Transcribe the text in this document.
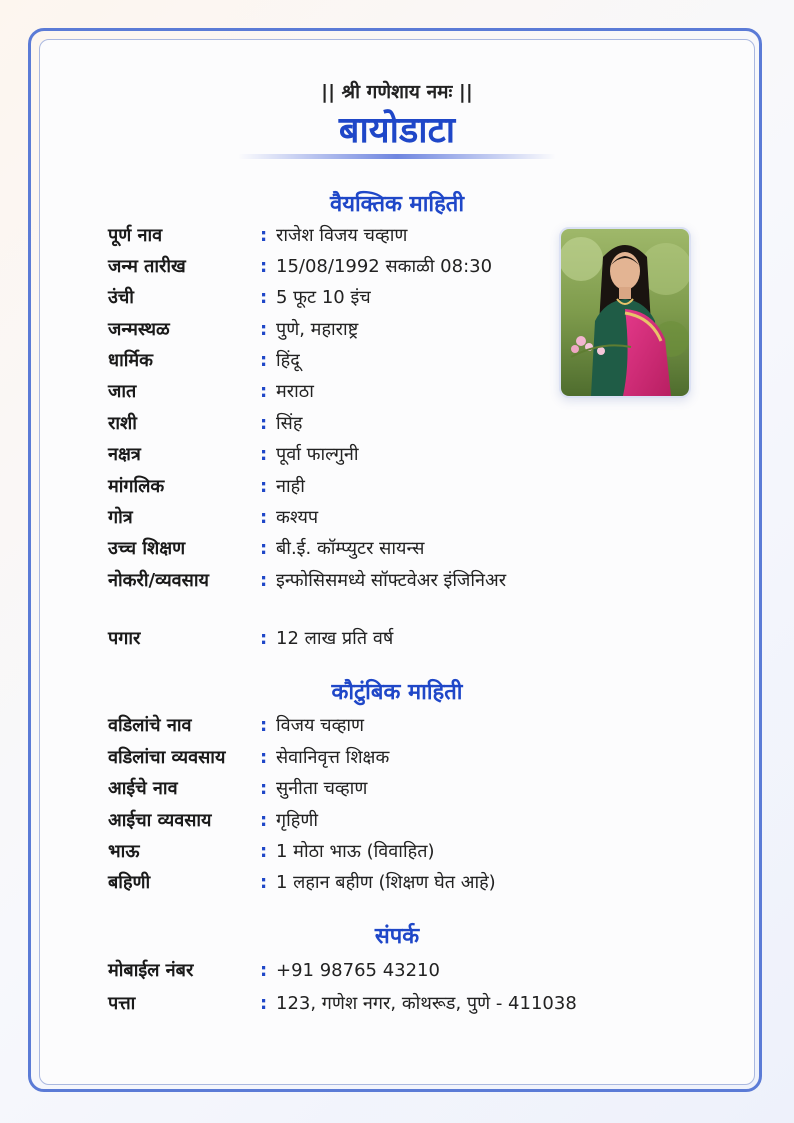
|| श्री गणेशाय नमः ||
बायोडाटा
वैयक्तिक माहिती
पूर्ण नाव	: राजेश विजय चव्हाण
जन्म तारीख	: 15/08/1992 सकाळी 08:30
उंची	: 5 फूट 10 इंच
जन्मस्थळ	: पुणे, महाराष्ट्र
धार्मिक	: हिंदू
जात	: मराठा
राशी	: सिंह
नक्षत्र	: पूर्वा फाल्गुनी
मांगलिक	: नाही
गोत्र	: कश्यप
उच्च शिक्षण	: बी.ई. कॉम्प्युटर सायन्स
नोकरी/व्यवसाय	: इन्फोसिसमध्ये सॉफ्टवेअर इंजिनिअर
पगार	: 12 लाख प्रति वर्ष
कौटुंबिक माहिती
वडिलांचे नाव	: विजय चव्हाण
वडिलांचा व्यवसाय	: सेवानिवृत्त शिक्षक
आईचे नाव	: सुनीता चव्हाण
आईचा व्यवसाय	: गृहिणी
भाऊ	: 1 मोठा भाऊ (विवाहित)
बहिणी	: 1 लहान बहीण (शिक्षण घेत आहे)
संपर्क
मोबाईल नंबर	: +91 98765 43210
पत्ता	: 123, गणेश नगर, कोथरूड, पुणे - 411038
